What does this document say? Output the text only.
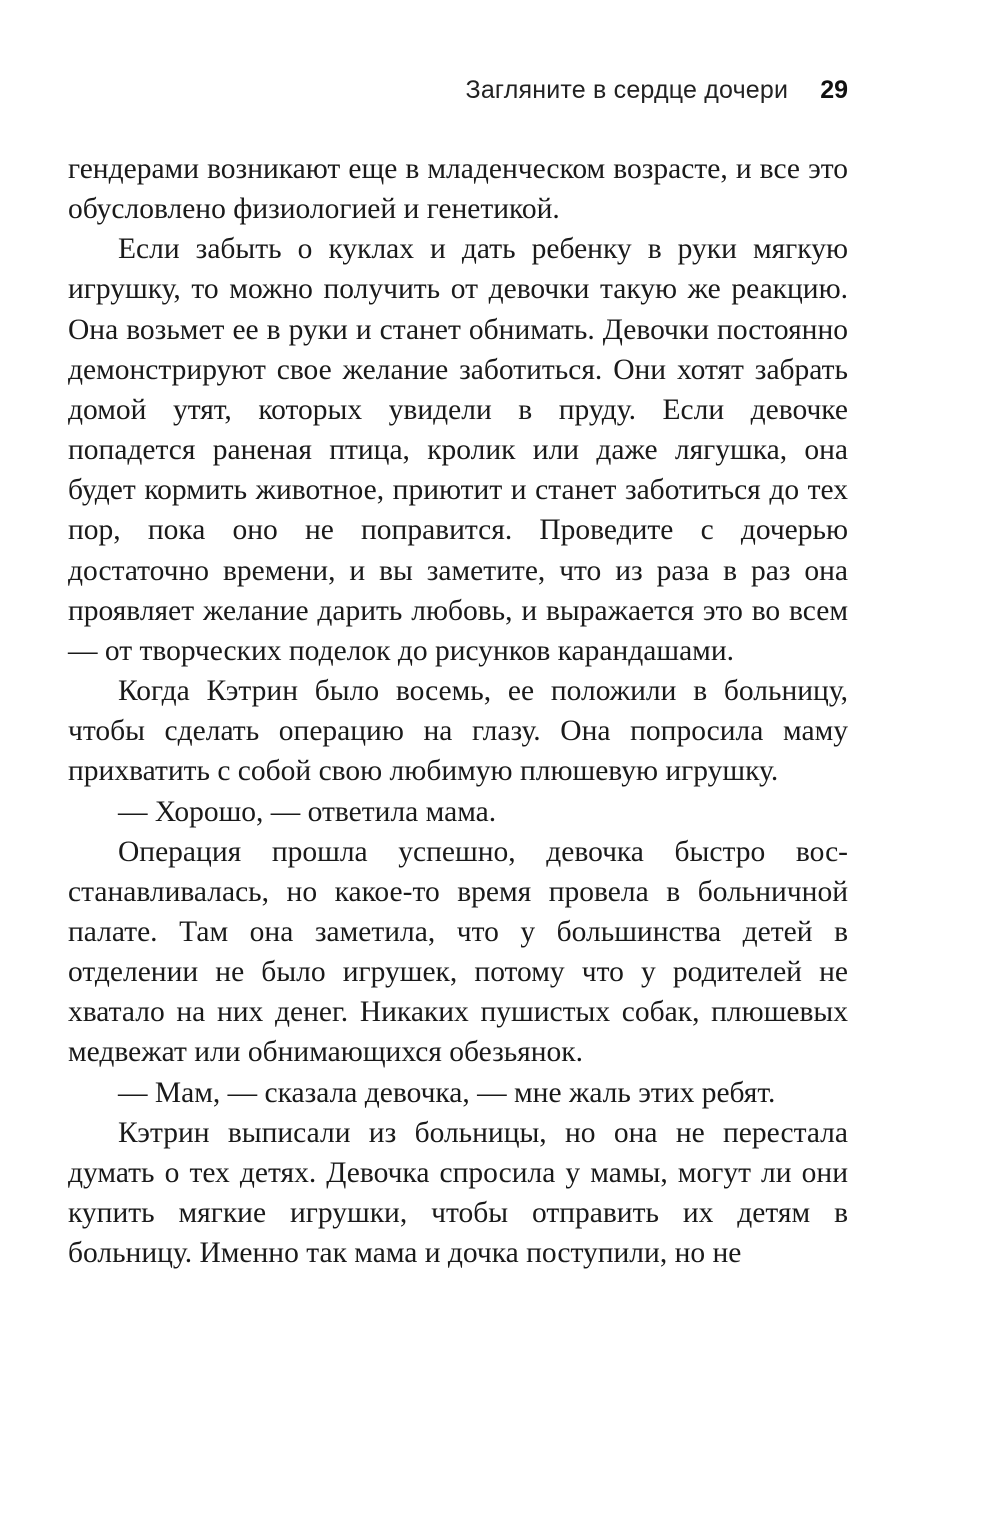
Загляните в сердце дочери 29

гендерами возникают еще в младенческом возрасте, и все это обусловлено физиологией и генетикой.

Если забыть о куклах и дать ребенку в руки мягкую игрушку, то можно получить от девочки такую же реакцию. Она возьмет ее в руки и станет обнимать. Девочки постоянно демонстрируют свое желание заботиться. Они хотят забрать домой утят, которых увидели в пруду. Если девочке попадется раненая птица, кролик или даже лягушка, она будет кормить животное, приютит и станет заботиться до тех пор, пока оно не поправится. Проведите с дочерью достаточно времени, и вы заметите, что из раза в раз она проявляет желание дарить любовь, и выражается это во всем — от творческих поделок до рисунков карандашами.

Когда Кэтрин было восемь, ее положили в больницу, чтобы сделать операцию на глазу. Она попросила маму прихватить с собой свою любимую плюшевую игрушку.

— Хорошо, — ответила мама.

Операция прошла успешно, девочка быстро восстанавливалась, но какое-то время провела в больничной палате. Там она заметила, что у большинства детей в отделении не было игрушек, потому что у родителей не хватало на них денег. Никаких пушистых собак, плюшевых медвежат или обнимающихся обезьянок.

— Мам, — сказала девочка, — мне жаль этих ребят.

Кэтрин выписали из больницы, но она не перестала думать о тех детях. Девочка спросила у мамы, могут ли они купить мягкие игрушки, чтобы отправить их детям в больницу. Именно так мама и дочка поступили, но не
